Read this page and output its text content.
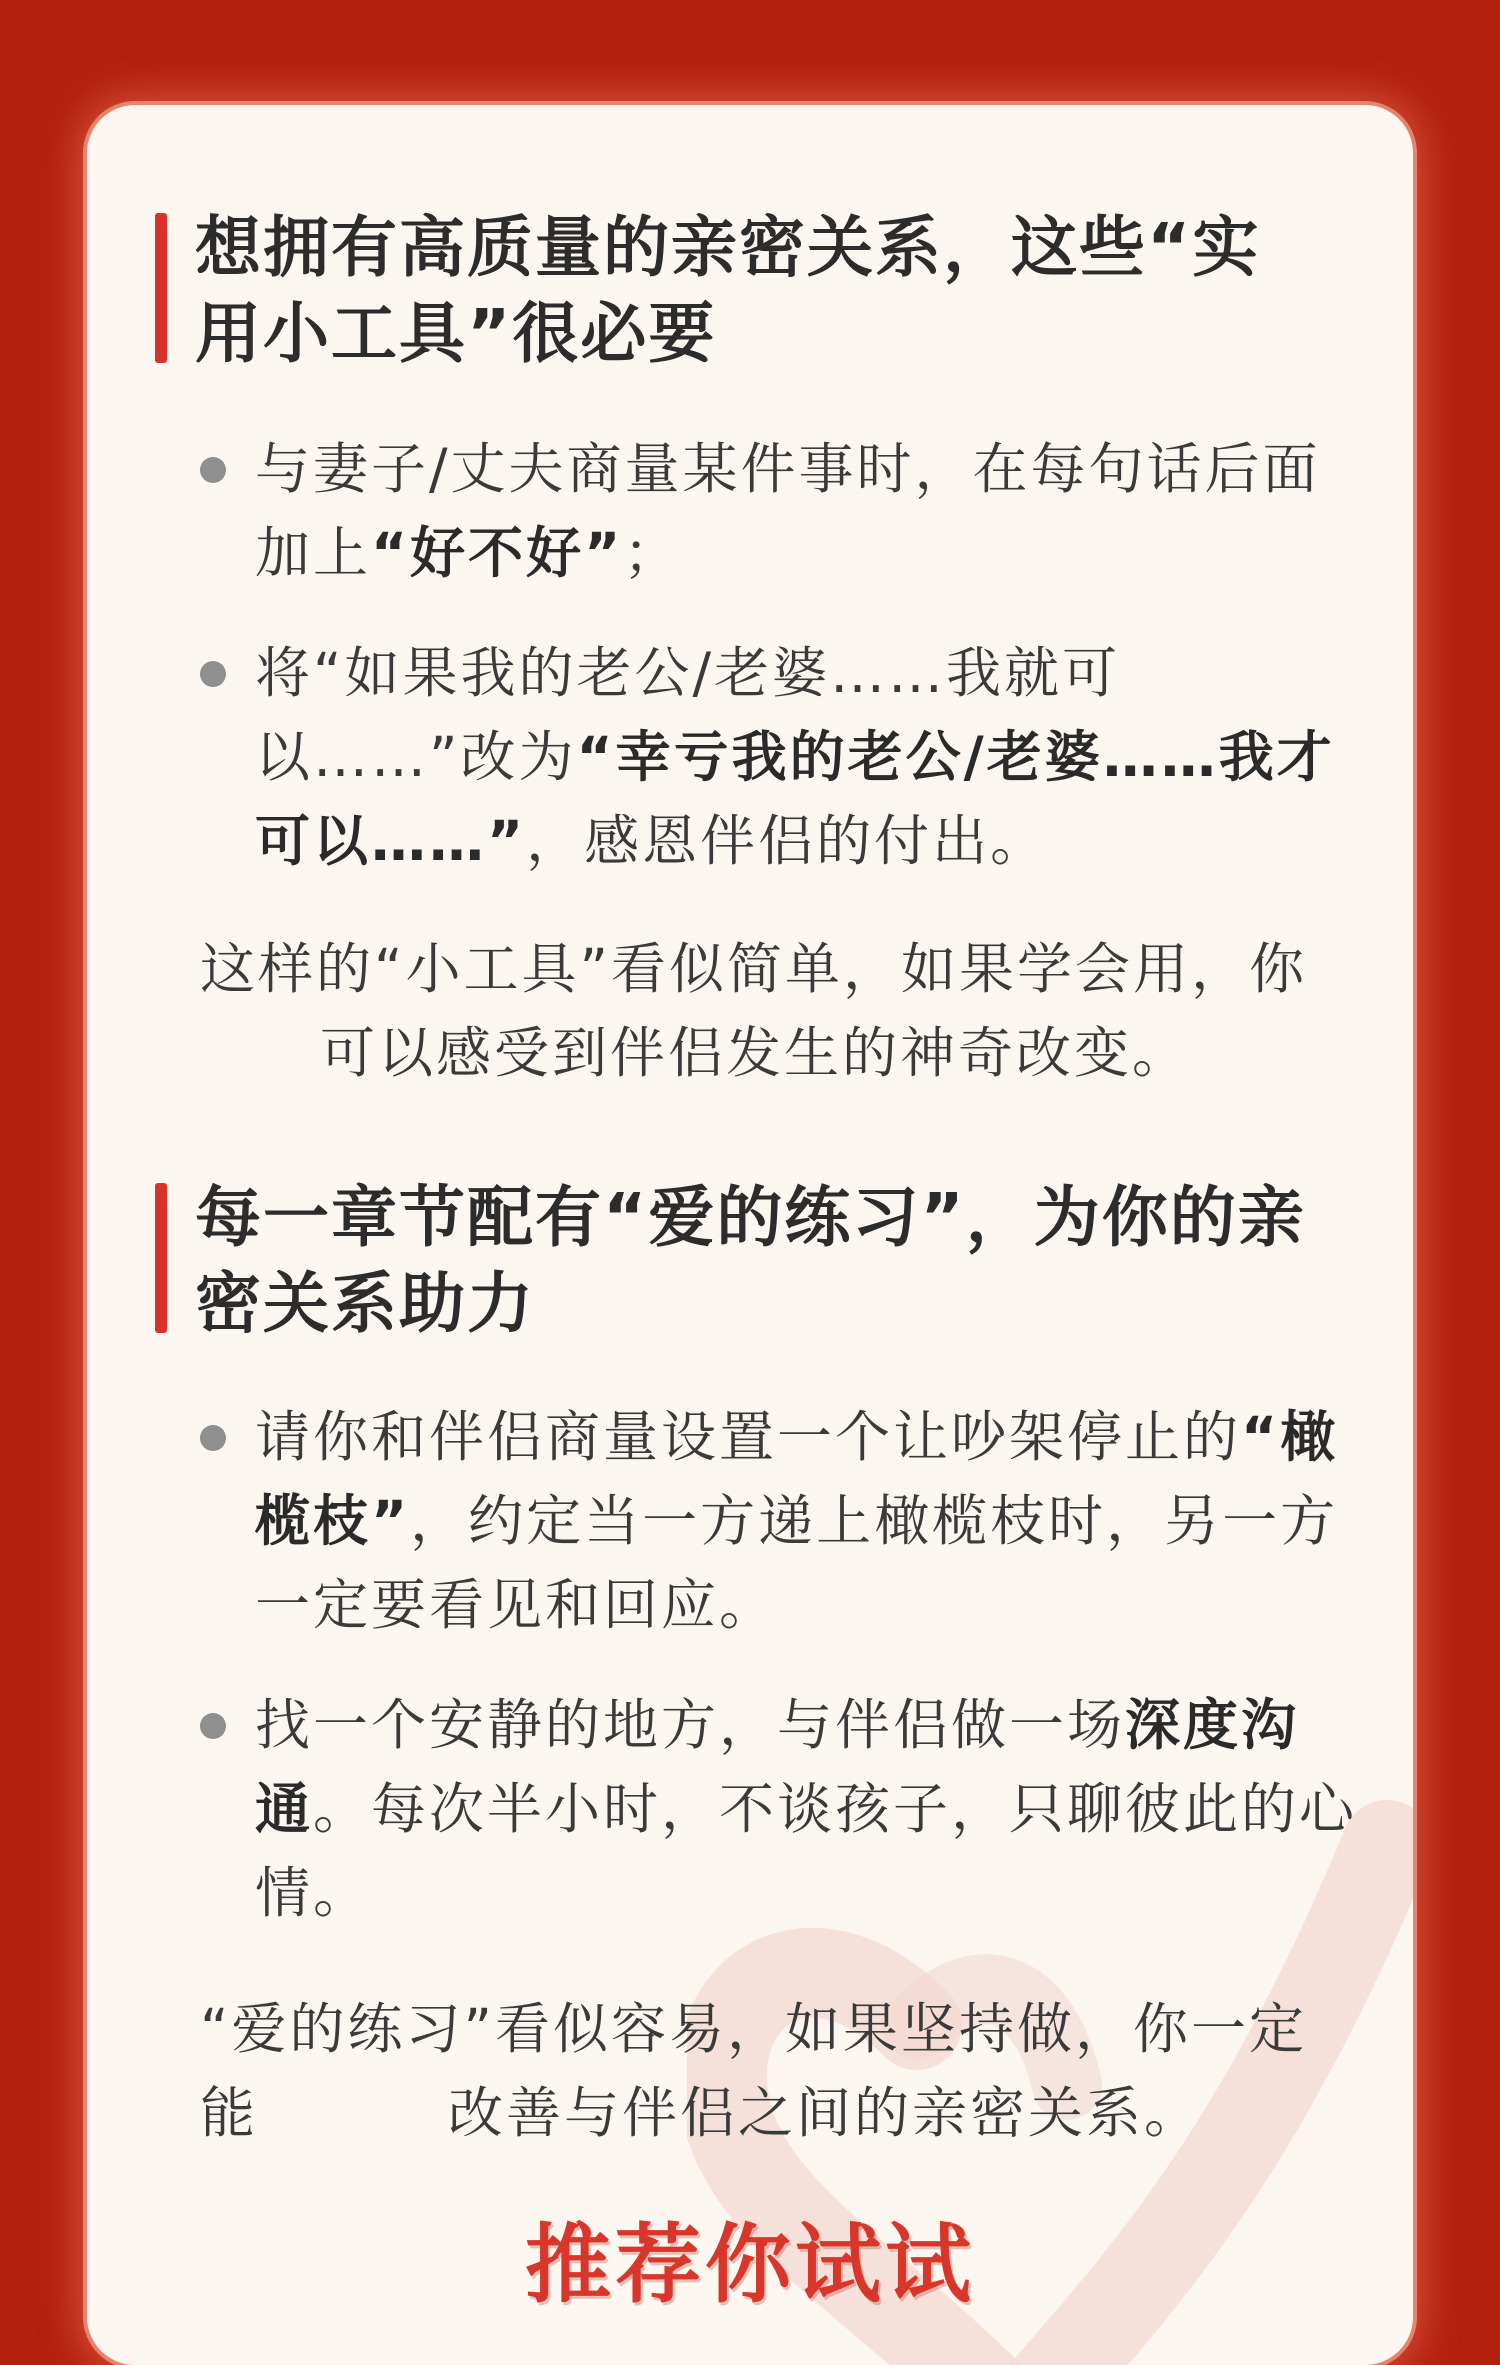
想拥有高质量的亲密关系，这些“实
用小工具”很必要
与妻子/丈夫商量某件事时，在每句话后面加上“好不好”；
将“如果我的老公/老婆……我就可以……”改为“幸亏我的老公/老婆……我才可以……”，感恩伴侣的付出。
这样的“小工具”看似简单，如果学会用，你
可以感受到伴侣发生的神奇改变。
每一章节配有“爱的练习”，为你的亲
密关系助力
请你和伴侣商量设置一个让吵架停止的“橄榄枝”，约定当一方递上橄榄枝时，另一方一定要看见和回应。
找一个安静的地方，与伴侣做一场深度沟通。每次半小时，不谈孩子，只聊彼此的心情。
“爱的练习”看似容易，如果坚持做，你一定
能	改善与伴侣之间的亲密关系。
推荐你试试
